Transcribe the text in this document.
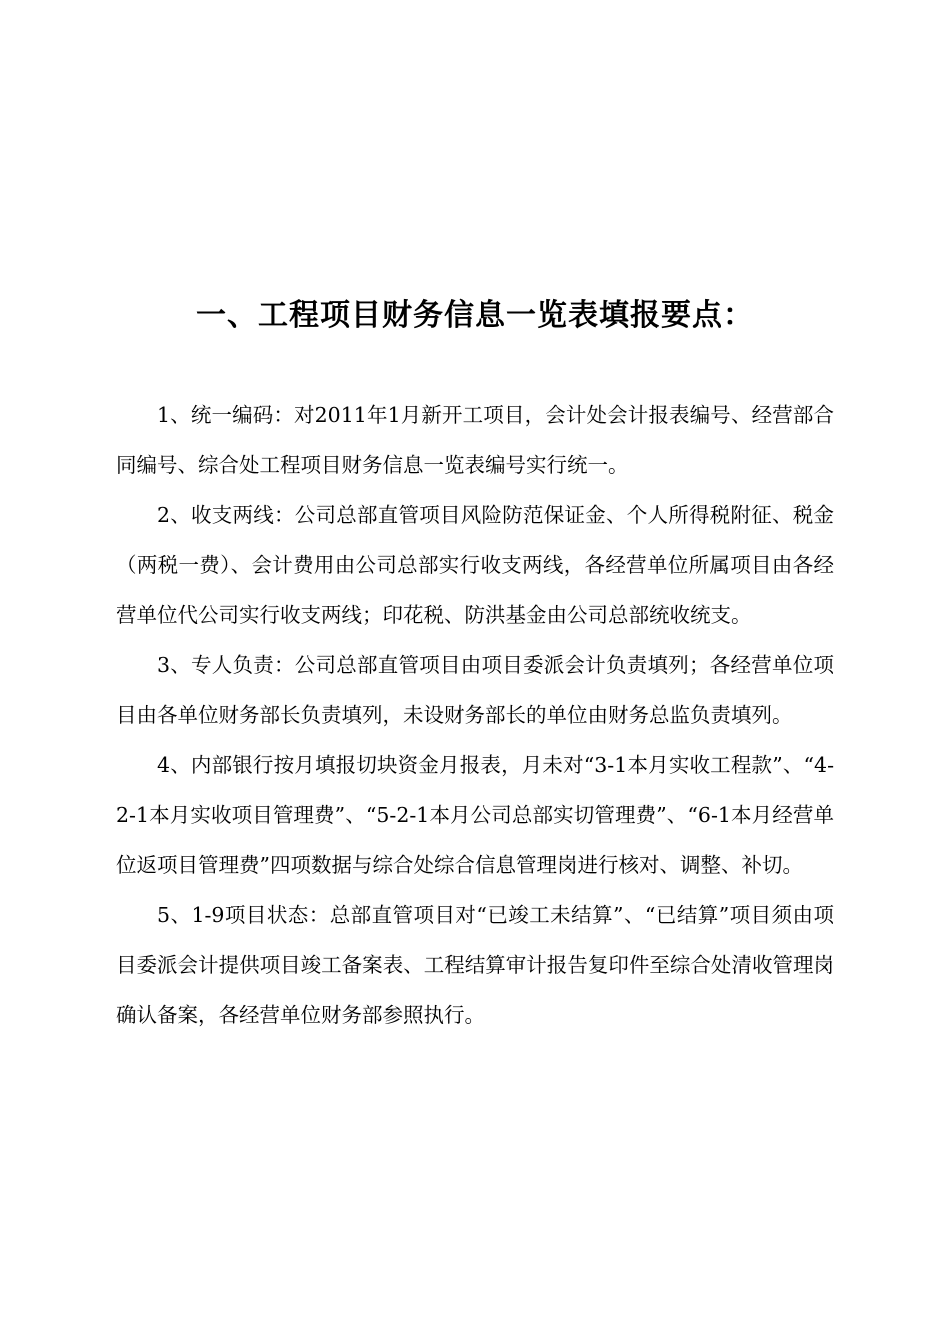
一、工程项目财务信息一览表填报要点：

1、统一编码：对2011年1月新开工项目，会计处会计报表编号、经营部合同编号、综合处工程项目财务信息一览表编号实行统一。

2、收支两线：公司总部直管项目风险防范保证金、个人所得税附征、税金（两税一费）、会计费用由公司总部实行收支两线，各经营单位所属项目由各经营单位代公司实行收支两线；印花税、防洪基金由公司总部统收统支。

3、专人负责：公司总部直管项目由项目委派会计负责填列；各经营单位项目由各单位财务部长负责填列，未设财务部长的单位由财务总监负责填列。

4、内部银行按月填报切块资金月报表，月未对“3-1本月实收工程款”、“4-2-1本月实收项目管理费”、“5-2-1本月公司总部实切管理费”、“6-1本月经营单位返项目管理费”四项数据与综合处综合信息管理岗进行核对、调整、补切。

5、1-9项目状态：总部直管项目对“已竣工未结算”、“已结算”项目须由项目委派会计提供项目竣工备案表、工程结算审计报告复印件至综合处清收管理岗确认备案，各经营单位财务部参照执行。
